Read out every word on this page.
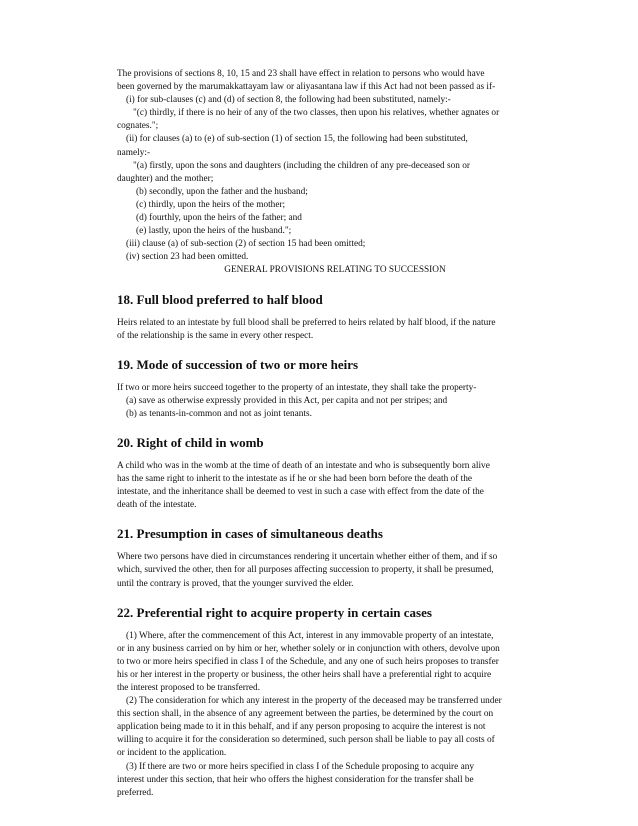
The provisions of sections 8, 10, 15 and 23 shall have effect in relation to persons who would have
been governed by the marumakkattayam law or aliyasantana law if this Act had not been passed as if-
(i) for sub-clauses (c) and (d) of section 8, the following had been substituted, namely:-
"(c) thirdly, if there is no heir of any of the two classes, then upon his relatives, whether agnates or
cognates.";
(ii) for clauses (a) to (e) of sub-section (1) of section 15, the following had been substituted,
namely:-
"(a) firstly, upon the sons and daughters (including the children of any pre-deceased son or
daughter) and the mother;
(b) secondly, upon the father and the husband;
(c) thirdly, upon the heirs of the mother;
(d) fourthly, upon the heirs of the father; and
(e) lastly, upon the heirs of the husband.";
(iii) clause (a) of sub-section (2) of section 15 had been omitted;
(iv) section 23 had been omitted.
GENERAL PROVISIONS RELATING TO SUCCESSION
18. Full blood preferred to half blood
Heirs related to an intestate by full blood shall be preferred to heirs related by half blood, if the nature
of the relationship is the same in every other respect.
19. Mode of succession of two or more heirs
If two or more heirs succeed together to the property of an intestate, they shall take the property-
(a) save as otherwise expressly provided in this Act, per capita and not per stripes; and
(b) as tenants-in-common and not as joint tenants.
20. Right of child in womb
A child who was in the womb at the time of death of an intestate and who is subsequently born alive
has the same right to inherit to the intestate as if he or she had been born before the death of the
intestate, and the inheritance shall be deemed to vest in such a case with effect from the date of the
death of the intestate.
21. Presumption in cases of simultaneous deaths
Where two persons have died in circumstances rendering it uncertain whether either of them, and if so
which, survived the other, then for all purposes affecting succession to property, it shall be presumed,
until the contrary is proved, that the younger survived the elder.
22. Preferential right to acquire property in certain cases
(1) Where, after the commencement of this Act, interest in any immovable property of an intestate,
or in any business carried on by him or her, whether solely or in conjunction with others, devolve upon
to two or more heirs specified in class I of the Schedule, and any one of such heirs proposes to transfer
his or her interest in the property or business, the other heirs shall have a preferential right to acquire
the interest proposed to be transferred.
(2) The consideration for which any interest in the property of the deceased may be transferred under
this section shall, in the absence of any agreement between the parties, be determined by the court on
application being made to it in this behalf, and if any person proposing to acquire the interest is not
willing to acquire it for the consideration so determined, such person shall be liable to pay all costs of
or incident to the application.
(3) If there are two or more heirs specified in class I of the Schedule proposing to acquire any
interest under this section, that heir who offers the highest consideration for the transfer shall be
preferred.
